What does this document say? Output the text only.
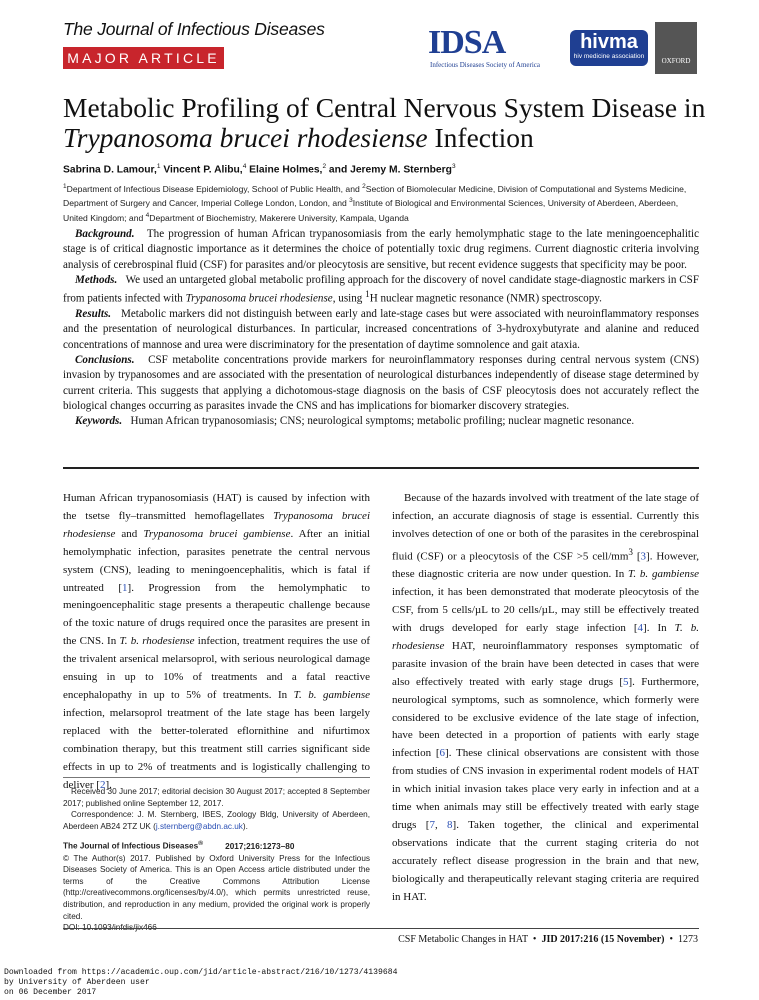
The Journal of Infectious Diseases
MAJOR ARTICLE	IDSA
Infectious Diseases Society of America
hivma
hiv medicine association
OXFORD
Metabolic Profiling of Central Nervous System Disease in
Trypanosoma brucei rhodesiense Infection
Sabrina D. Lamour,$^1$ Vincent P. Alibu,$^4$ Elaine Holmes,$^2$ and Jeremy M. Sternberg$^3$
$^1$Department of Infectious Disease Epidemiology, School of Public Health, and $^2$Section of Biomolecular Medicine, Division of Computational and Systems Medicine, Department of Surgery and Cancer, Imperial College London, London, and $^3$Institute of Biological and Environmental Sciences, University of Aberdeen, Aberdeen, United Kingdom; and $^4$Department of Biochemistry, Makerere University, Kampala, Uganda

Background. The progression of human African trypanosomiasis from the early hemolymphatic stage to the late meningoencephalitic stage is of critical diagnostic importance as it determines the choice of potentially toxic drug regimens. Current diagnostic criteria involving analysis of cerebrospinal fluid (CSF) for parasites and/or pleocytosis are sensitive, but recent evidence suggests that specificity may be poor.

Methods. We used an untargeted global metabolic profiling approach for the discovery of novel candidate stage-diagnostic markers in CSF from patients infected with Trypanosoma brucei rhodesiense, using $^1$H nuclear magnetic resonance (NMR) spectroscopy.

Results. Metabolic markers did not distinguish between early and late-stage cases but were associated with neuroinflammatory responses and the presentation of neurological disturbances. In particular, increased concentrations of 3-hydroxybutyrate and alanine and reduced concentrations of mannose and urea were discriminatory for the presentation of daytime somnolence and gait ataxia.

Conclusions. CSF metabolite concentrations provide markers for neuroinflammatory responses during central nervous system (CNS) invasion by trypanosomes and are associated with the presentation of neurological disturbances independently of disease stage determined by current criteria. This suggests that applying a dichotomous-stage diagnosis on the basis of CSF pleocytosis does not accurately reflect the biological changes occurring as parasites invade the CNS and has implications for biomarker discovery strategies.

Keywords. Human African trypanosomiasis; CNS; neurological symptoms; metabolic profiling; nuclear magnetic resonance.

Human African trypanosomiasis (HAT) is caused by infection with the tsetse fly–transmitted hemoflagellates Trypanosoma brucei rhodesiense and Trypanosoma brucei gambiense. After an initial hemolymphatic infection, parasites penetrate the central nervous system (CNS), leading to meningoencephalitis, which is fatal if untreated [1]. Progression from the hemolymphatic to meningoencephalitic stage presents a therapeutic challenge because of the toxic nature of drugs required once the parasites are present in the CNS. In T. b. rhodesiense infection, treatment requires the use of the trivalent arsenical melarsoprol, with serious neurological damage ensuing in up to 10% of treatments and a fatal reactive encephalopathy in up to 5% of treatments. In T. b. gambiense infection, melarsoprol treatment of the late stage has been largely replaced with the better-tolerated eflornithine and nifurtimox combination therapy, but this treatment still carries significant side effects in up to 2% of treatments and is logistically challenging to deliver [2].

Because of the hazards involved with treatment of the late stage of infection, an accurate diagnosis of stage is essential. Currently this involves detection of one or both of the parasites in the cerebrospinal fluid (CSF) or a pleocytosis of the CSF >5 cell/$mm^3$ [3]. However, these diagnostic criteria are now under question. In T. b. gambiense infection, it has been demonstrated that moderate pleocytosis of the CSF, from 5 cells/µL to 20 cells/µL, may still be effectively treated with drugs developed for early stage infection [4]. In T. b. rhodesiense HAT, neuroinflammatory responses symptomatic of parasite invasion of the brain have been detected in cases that were also effectively treated with early stage drugs [5]. Furthermore, neurological symptoms, such as somnolence, which formerly were considered to be exclusive evidence of the late stage of infection, have been detected in a proportion of patients with early stage infection [6]. These clinical observations are consistent with those from studies of CNS invasion in experimental rodent models of HAT in which initial invasion takes place very early in infection and at a time when animals may still be effectively treated with early stage drugs [7, 8]. Taken together, the clinical and experimental observations indicate that the current staging criteria do not accurately reflect disease progression in the brain and that new, biologically and therapeutically relevant staging criteria are required in HAT.

Received 30 June 2017; editorial decision 30 August 2017; accepted 8 September 2017; published online September 12, 2017.

Correspondence: J. M. Sternberg, IBES, Zoology Bldg, University of Aberdeen, Aberdeen AB24 2TZ UK (j.sternberg@abdn.ac.uk).

The Journal of Infectious Diseases®	2017;216:1273–80

© The Author(s) 2017. Published by Oxford University Press for the Infectious Diseases Society of America. This is an Open Access article distributed under the terms of the Creative Commons Attribution License (http://creativecommons.org/licenses/by/4.0/), which permits unrestricted reuse, distribution, and reproduction in any medium, provided the original work is properly cited.

DOI: 10.1093/infdis/jix466

CSF Metabolic Changes in HAT • JID 2017:216 (15 November) • 1273
Downloaded from https://academic.oup.com/jid/article-abstract/216/10/1273/4139684
by University of Aberdeen user
on 06 December 2017
